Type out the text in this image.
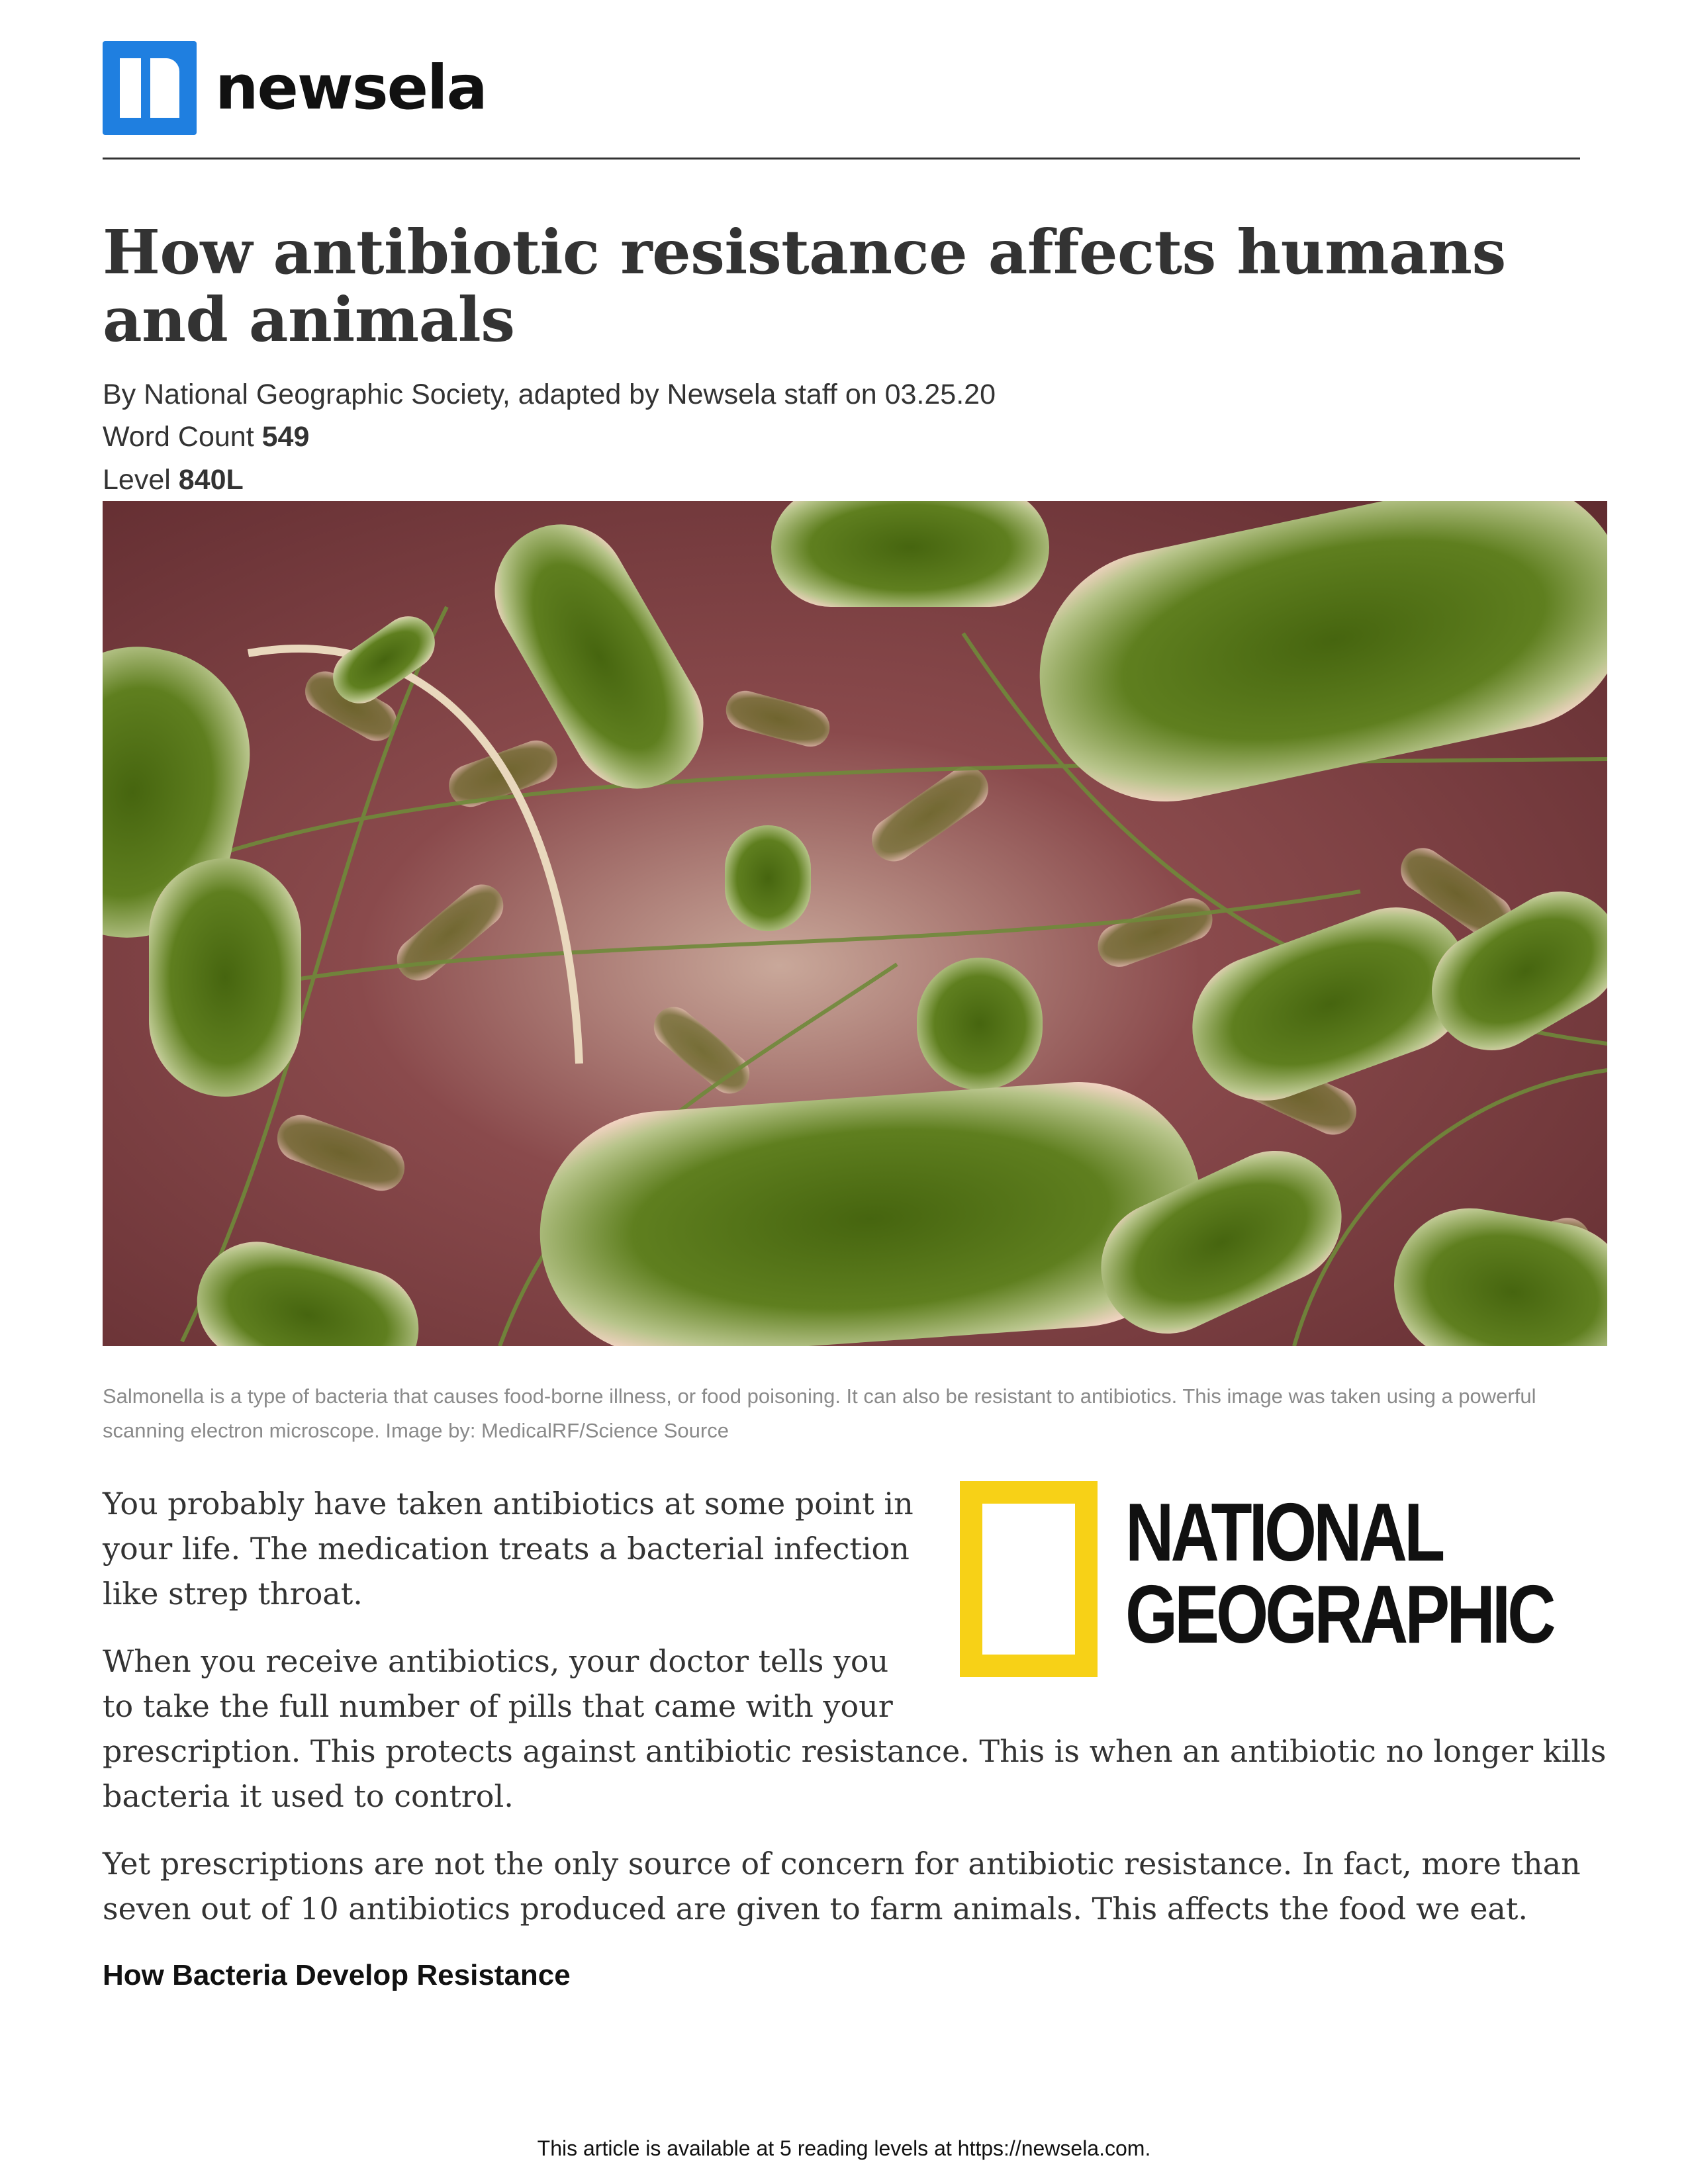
newsela
How antibiotic resistance affects humans and animals
By National Geographic Society, adapted by Newsela staff on 03.25.20
Word Count 549
Level 840L
Salmonella is a type of bacteria that causes food-borne illness, or food poisoning. It can also be resistant to antibiotics. This image was taken using a powerful scanning electron microscope. Image by: MedicalRF/Science Source
NATIONAL
GEOGRAPHIC

You probably have taken antibiotics at some point in your life. The medication treats a bacterial infection like strep throat.

When you receive antibiotics, your doctor tells you to take the full number of pills that came with your

prescription. This protects against antibiotic resistance. This is when an antibiotic no longer kills bacteria it used to control.

Yet prescriptions are not the only source of concern for antibiotic resistance. In fact, more than seven out of 10 antibiotics produced are given to farm animals. This affects the food we eat.

How Bacteria Develop Resistance
This article is available at 5 reading levels at https://newsela.com.
